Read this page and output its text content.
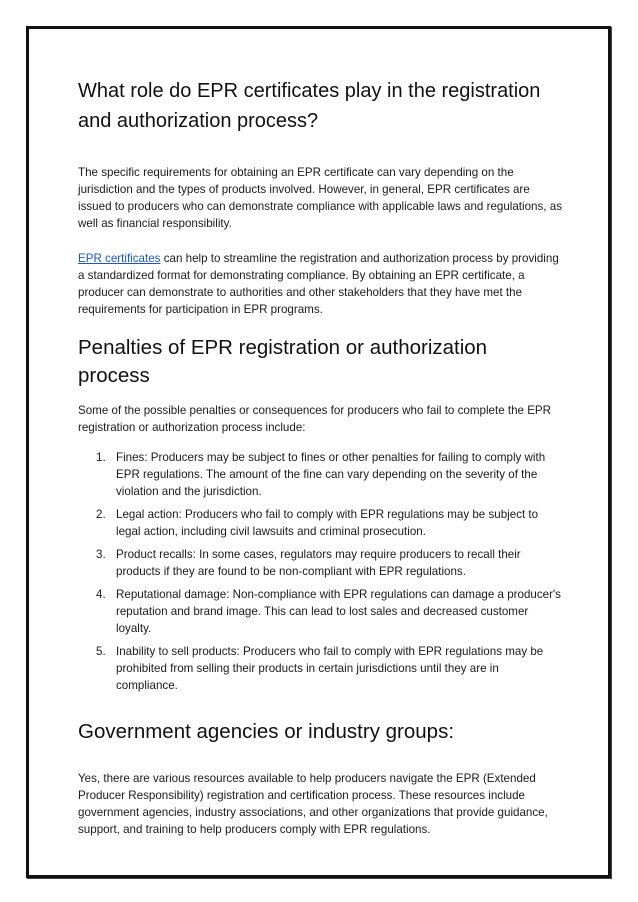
What role do EPR certificates play in the registration and authorization process?

The specific requirements for obtaining an EPR certificate can vary depending on the jurisdiction and the types of products involved. However, in general, EPR certificates are issued to producers who can demonstrate compliance with applicable laws and regulations, as well as financial responsibility.

EPR certificates can help to streamline the registration and authorization process by providing a standardized format for demonstrating compliance. By obtaining an EPR certificate, a producer can demonstrate to authorities and other stakeholders that they have met the requirements for participation in EPR programs.

Penalties of EPR registration or authorization process

Some of the possible penalties or consequences for producers who fail to complete the EPR registration or authorization process include:

1. Fines: Producers may be subject to fines or other penalties for failing to comply with EPR regulations. The amount of the fine can vary depending on the severity of the violation and the jurisdiction.
2. Legal action: Producers who fail to comply with EPR regulations may be subject to legal action, including civil lawsuits and criminal prosecution.
3. Product recalls: In some cases, regulators may require producers to recall their products if they are found to be non-compliant with EPR regulations.
4. Reputational damage: Non-compliance with EPR regulations can damage a producer's reputation and brand image. This can lead to lost sales and decreased customer loyalty.
5. Inability to sell products: Producers who fail to comply with EPR regulations may be prohibited from selling their products in certain jurisdictions until they are in compliance.
Government agencies or industry groups:

Yes, there are various resources available to help producers navigate the EPR (Extended Producer Responsibility) registration and certification process. These resources include government agencies, industry associations, and other organizations that provide guidance, support, and training to help producers comply with EPR regulations.
